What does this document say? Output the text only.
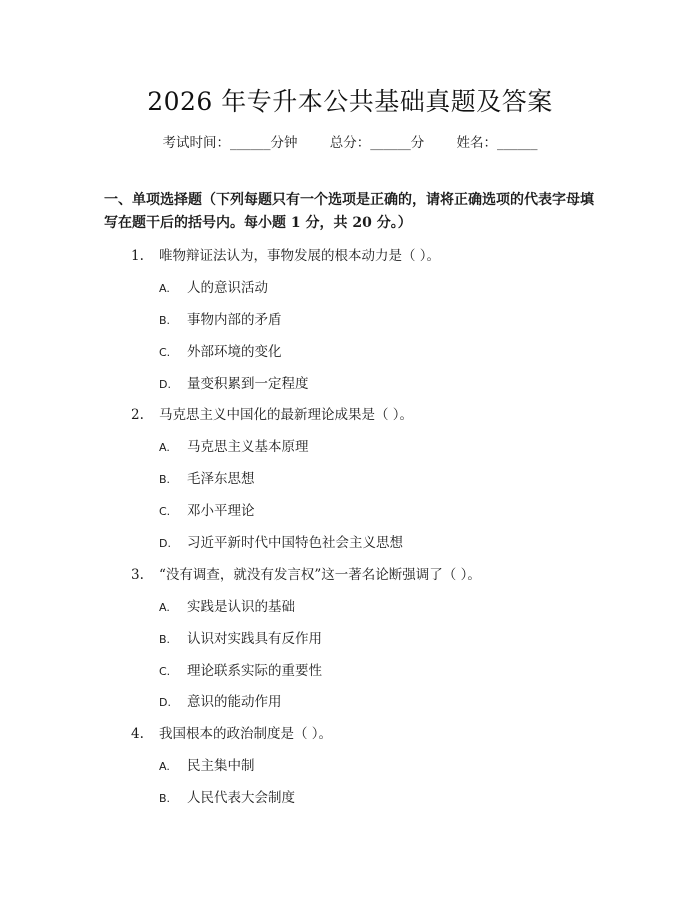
2026 年专升本公共基础真题及答案
考试时间：______分钟 总分：______分 姓名：______
一、单项选择题（下列每题只有一个选项是正确的，请将正确选项的代表字母填写在题干后的括号内。每小题 1 分，共 20 分。）
1. 唯物辩证法认为，事物发展的根本动力是（ ）。
A. 人的意识活动
B. 事物内部的矛盾
C. 外部环境的变化
D. 量变积累到一定程度
2. 马克思主义中国化的最新理论成果是（ ）。
A. 马克思主义基本原理
B. 毛泽东思想
C. 邓小平理论
D. 习近平新时代中国特色社会主义思想
3. “没有调查，就没有发言权”这一著名论断强调了（ ）。
A. 实践是认识的基础
B. 认识对实践具有反作用
C. 理论联系实际的重要性
D. 意识的能动作用
4. 我国根本的政治制度是（ ）。
A. 民主集中制
B. 人民代表大会制度
